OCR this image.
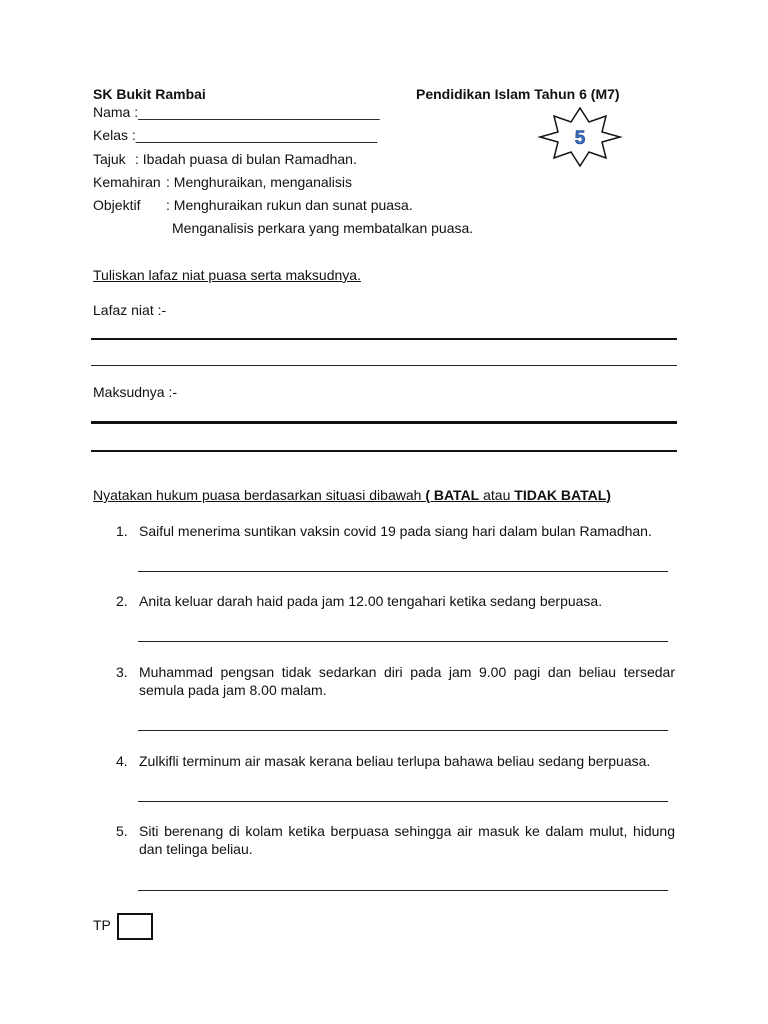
SK Bukit Rambai	Pendidikan Islam Tahun 6 (M7)
5
Nama :_______________________________
Kelas :_______________________________
Tajuk : Ibadah puasa di bulan Ramadhan.
Kemahiran : Menghuraikan, menganalisis
Objektif : Menghuraikan rukun dan sunat puasa.
Menganalisis perkara yang membatalkan puasa.
Tuliskan lafaz niat puasa serta maksudnya.
Lafaz niat :-
Maksudnya :-
Nyatakan hukum puasa berdasarkan situasi dibawah ( BATAL atau TIDAK BATAL)
1. Saiful menerima suntikan vaksin covid 19 pada siang hari dalam bulan Ramadhan.
2. Anita keluar darah haid pada jam 12.00 tengahari ketika sedang berpuasa.
3. Muhammad pengsan tidak sedarkan diri pada jam 9.00 pagi dan beliau tersedar semula pada jam 8.00 malam.
4. Zulkifli terminum air masak kerana beliau terlupa bahawa beliau sedang berpuasa.
5. Siti berenang di kolam ketika berpuasa sehingga air masuk ke dalam mulut, hidung dan telinga beliau.
TP
